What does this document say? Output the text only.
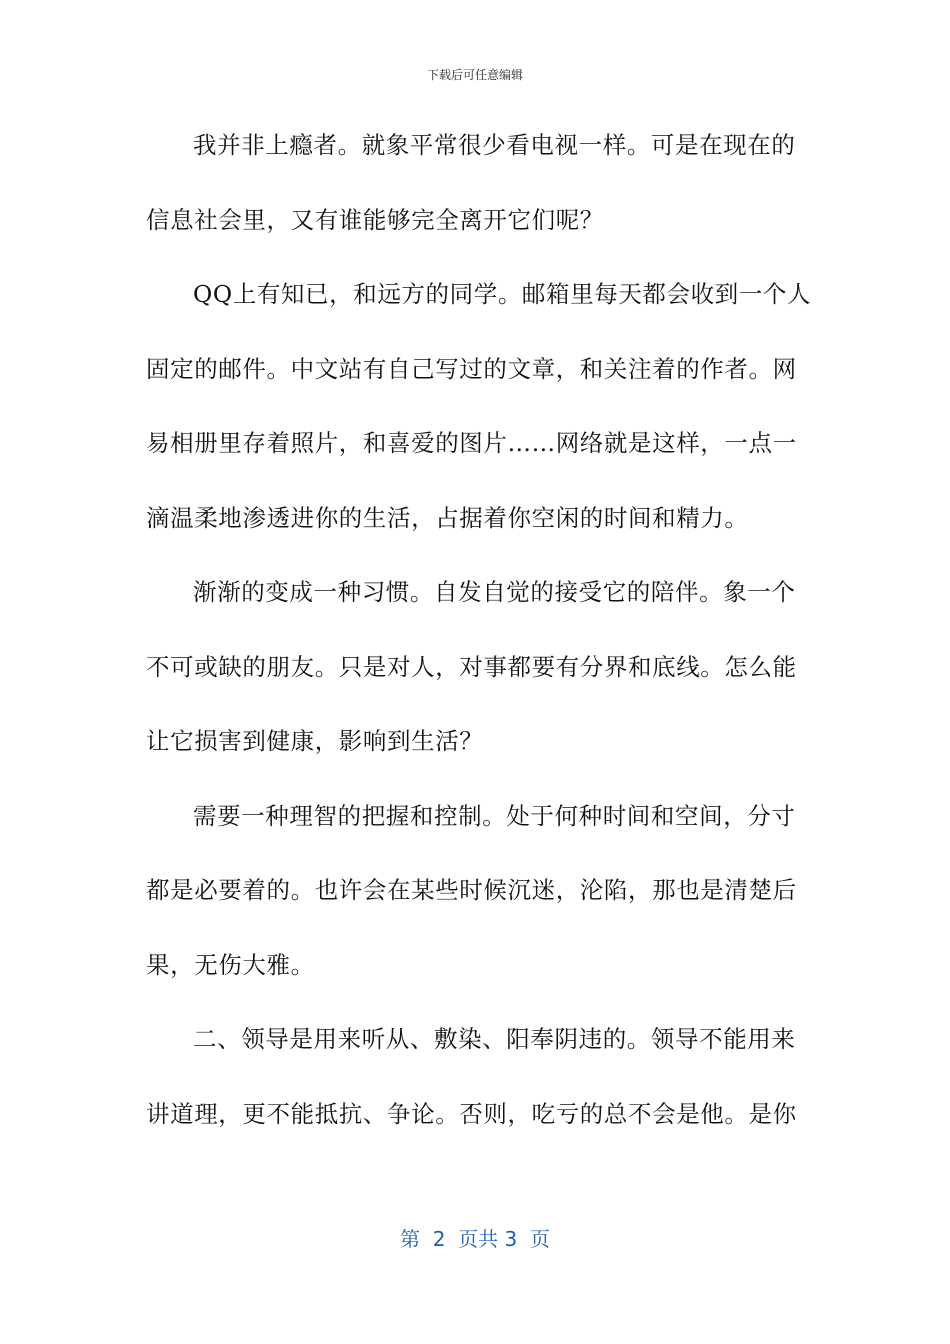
下载后可任意编辑
我并非上瘾者。就象平常很少看电视一样。可是在现在的
信息社会里，又有谁能够完全离开它们呢？
QQ上有知已，和远方的同学。邮箱里每天都会收到一个人
固定的邮件。中文站有自己写过的文章，和关注着的作者。网
易相册里存着照片，和喜爱的图片……网络就是这样，一点一
滴温柔地渗透进你的生活，占据着你空闲的时间和精力。
渐渐的变成一种习惯。自发自觉的接受它的陪伴。象一个
不可或缺的朋友。只是对人，对事都要有分界和底线。怎么能
让它损害到健康，影响到生活？
需要一种理智的把握和控制。处于何种时间和空间，分寸
都是必要着的。也许会在某些时候沉迷，沦陷，那也是清楚后
果，无伤大雅。
二、领导是用来听从、敷染、阳奉阴违的。领导不能用来
讲道理，更不能抵抗、争论。否则，吃亏的总不会是他。是你
第  2  页共 3  页
